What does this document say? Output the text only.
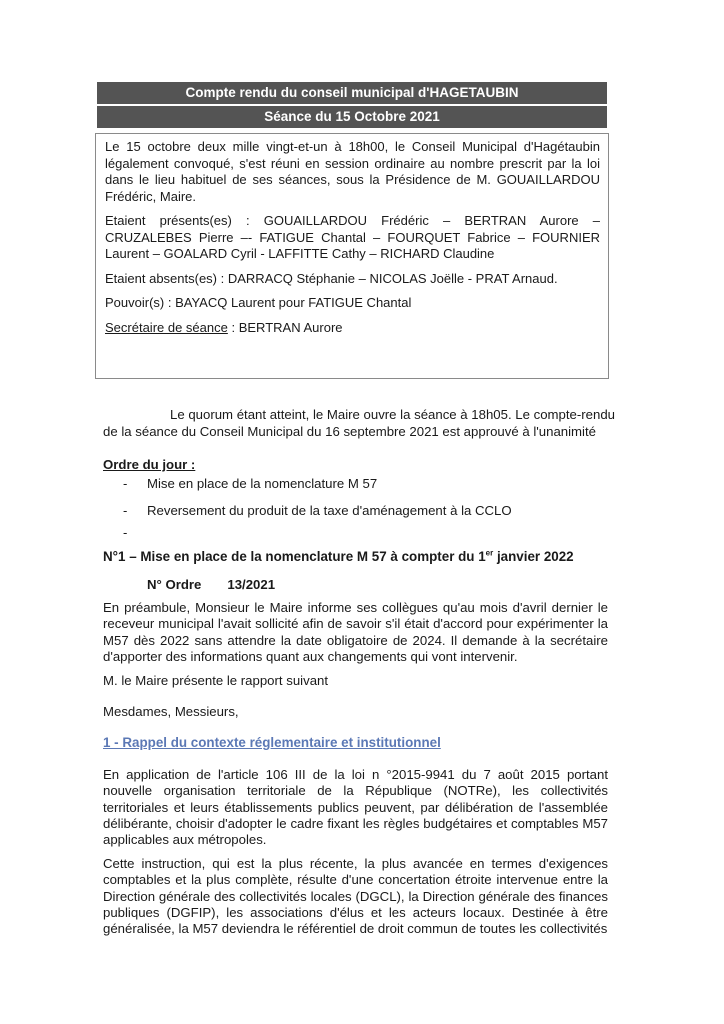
Compte rendu du conseil municipal d'HAGETAUBIN
Séance du 15 Octobre 2021

Le 15 octobre deux mille vingt-et-un à 18h00, le Conseil Municipal d'Hagétaubin légalement convoqué, s'est réuni en session ordinaire au nombre prescrit par la loi dans le lieu habituel de ses séances, sous la Présidence de M. GOUAILLARDOU Frédéric, Maire.

Etaient présents(es) : GOUAILLARDOU Frédéric – BERTRAN Aurore – CRUZALEBES Pierre –- FATIGUE Chantal – FOURQUET Fabrice – FOURNIER Laurent – GOALARD Cyril - LAFFITTE Cathy – RICHARD Claudine

Etaient absents(es) : DARRACQ Stéphanie – NICOLAS Joëlle - PRAT Arnaud.

Pouvoir(s) : BAYACQ Laurent pour FATIGUE Chantal

Secrétaire de séance : BERTRAN Aurore

Le quorum étant atteint, le Maire ouvre la séance à 18h05. Le compte-rendu
de la séance du Conseil Municipal du 16 septembre 2021 est approuvé à l'unanimité
Ordre du jour :
- Mise en place de la nomenclature M 57
- Reversement du produit de la taxe d'aménagement à la CCLO
-
N°1 – Mise en place de la nomenclature M 57 à compter du 1er janvier 2022
N° Ordre 13/2021
En préambule, Monsieur le Maire informe ses collègues qu'au mois d'avril dernier le receveur municipal l'avait sollicité afin de savoir s'il était d'accord pour expérimenter la M57 dès 2022 sans attendre la date obligatoire de 2024. Il demande à la secrétaire d'apporter des informations quant aux changements qui vont intervenir.
M. le Maire présente le rapport suivant
Mesdames, Messieurs,
1 - Rappel du contexte réglementaire et institutionnel
En application de l'article 106 III de la loi n °2015-9941 du 7 août 2015 portant nouvelle organisation territoriale de la République (NOTRe), les collectivités territoriales et leurs établissements publics peuvent, par délibération de l'assemblée délibérante, choisir d'adopter le cadre fixant les règles budgétaires et comptables M57 applicables aux métropoles.
Cette instruction, qui est la plus récente, la plus avancée en termes d'exigences comptables et la plus complète, résulte d'une concertation étroite intervenue entre la Direction générale des collectivités locales (DGCL), la Direction générale des finances publiques (DGFIP), les associations d'élus et les acteurs locaux. Destinée à être généralisée, la M57 deviendra le référentiel de droit commun de toutes les collectivités
